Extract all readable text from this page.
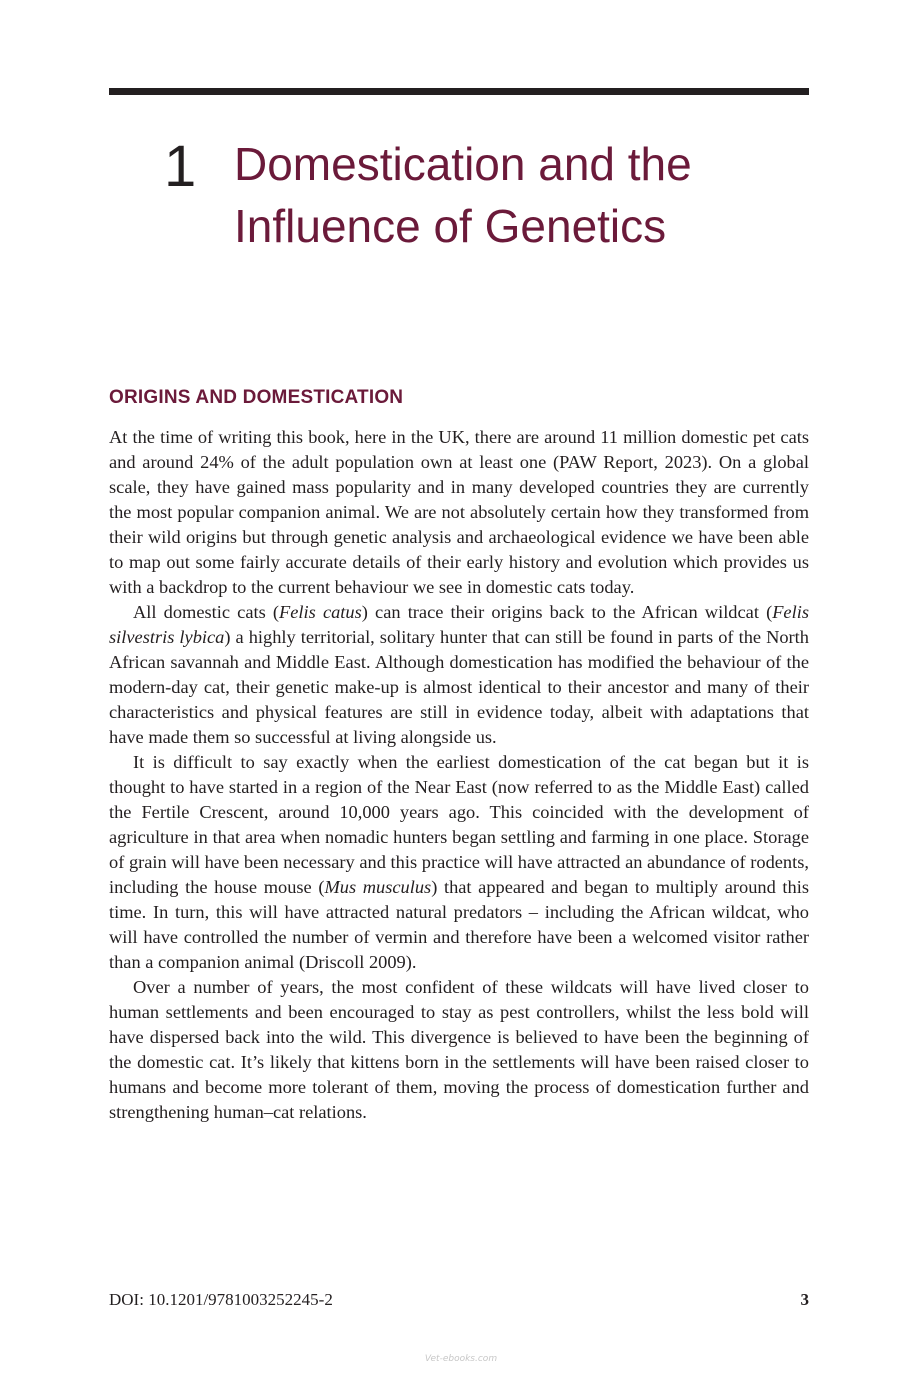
1 Domestication and the
Influence of Genetics
ORIGINS AND DOMESTICATION

At the time of writing this book, here in the UK, there are around 11 million domestic pet cats and around 24% of the adult population own at least one (PAW Report, 2023). On a global scale, they have gained mass popularity and in many developed countries they are currently the most popular companion animal. We are not absolutely certain how they transformed from their wild origins but through genetic analysis and archaeological evidence we have been able to map out some fairly accurate details of their early history and evolution which provides us with a backdrop to the current behaviour we see in domestic cats today.

All domestic cats (Felis catus) can trace their origins back to the African wildcat (Felis silvestris lybica) a highly territorial, solitary hunter that can still be found in parts of the North African savannah and Middle East. Although domestication has modified the behaviour of the modern-day cat, their genetic make-up is almost identical to their ancestor and many of their characteristics and physical features are still in evidence today, albeit with adaptations that have made them so successful at living alongside us.

It is difficult to say exactly when the earliest domestication of the cat began but it is thought to have started in a region of the Near East (now referred to as the Middle East) called the Fertile Crescent, around 10,000 years ago. This coincided with the development of agriculture in that area when nomadic hunters began settling and farming in one place. Storage of grain will have been necessary and this practice will have attracted an abundance of rodents, including the house mouse (Mus musculus) that appeared and began to multiply around this time. In turn, this will have attracted natural predators – including the African wildcat, who will have controlled the number of vermin and therefore have been a welcomed visitor rather than a companion animal (Driscoll 2009).

Over a number of years, the most confident of these wildcats will have lived closer to human settlements and been encouraged to stay as pest controllers, whilst the less bold will have dispersed back into the wild. This divergence is believed to have been the beginning of the domestic cat. It’s likely that kittens born in the settlements will have been raised closer to humans and become more tolerant of them, moving the process of domestication further and strengthening human–cat relations.

DOI: 10.1201/9781003252245-2	3
Vet-ebooks.com
